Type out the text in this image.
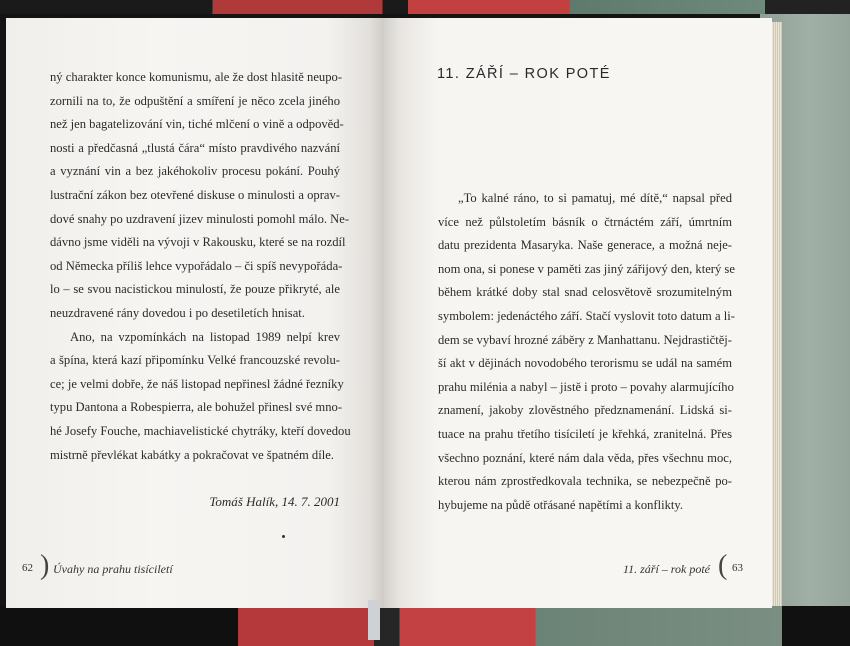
ný charakter konce komunismu, ale že dost hlasitě neupo-
zornili na to, že odpuštění a smíření je něco zcela jiného
než jen bagatelizování vin, tiché mlčení o vině a odpověd-
nosti a předčasná „tlustá čára“ místo pravdivého nazvání
a vyznání vin a bez jakéhokoliv procesu pokání. Pouhý
lustrační zákon bez otevřené diskuse o minulosti a oprav-
dové snahy po uzdravení jizev minulosti pomohl málo. Ne-
dávno jsme viděli na vývoji v Rakousku, které se na rozdíl
od Německa příliš lehce vypořádalo – či spíš nevypořáda-
lo – se svou nacistickou minulostí, že pouze přikryté, ale
neuzdravené rány dovedou i po desetiletích hnisat.
Ano, na vzpomínkách na listopad 1989 nelpí krev
a špína, která kazí připomínku Velké francouzské revolu-
ce; je velmi dobře, že náš listopad nepřinesl žádné řezníky
typu Dantona a Robespierra, ale bohužel přinesl své mno-
hé Josefy Fouche, machiavelistické chytráky, kteří dovedou
mistrně převlékat kabátky a pokračovat ve špatném díle.
Tomáš Halík, 14. 7. 2001
11. ZÁŘÍ – ROK POTÉ
„To kalné ráno, to si pamatuj, mé dítě,“ napsal před
více než půlstoletím básník o čtrnáctém září, úmrtním
datu prezidenta Masaryka. Naše generace, a možná neje-
nom ona, si ponese v paměti zas jiný zářijový den, který se
během krátké doby stal snad celosvětově srozumitelným
symbolem: jedenáctého září. Stačí vyslovit toto datum a li-
dem se vybaví hrozné záběry z Manhattanu. Nejdrastičtěj-
ší akt v dějinách novodobého terorismu se udál na samém
prahu milénia a nabyl – jistě i proto – povahy alarmujícího
znamení, jakoby zlověstného předznamenání. Lidská si-
tuace na prahu třetího tisíciletí je křehká, zranitelná. Přes
všechno poznání, které nám dala věda, přes všechnu moc,
kterou nám zprostředkovala technika, se nebezpečně po-
hybujeme na půdě otřásané napětími a konflikty.
62 ) Úvahy na prahu tisíciletí	11. září – rok poté ( 63
